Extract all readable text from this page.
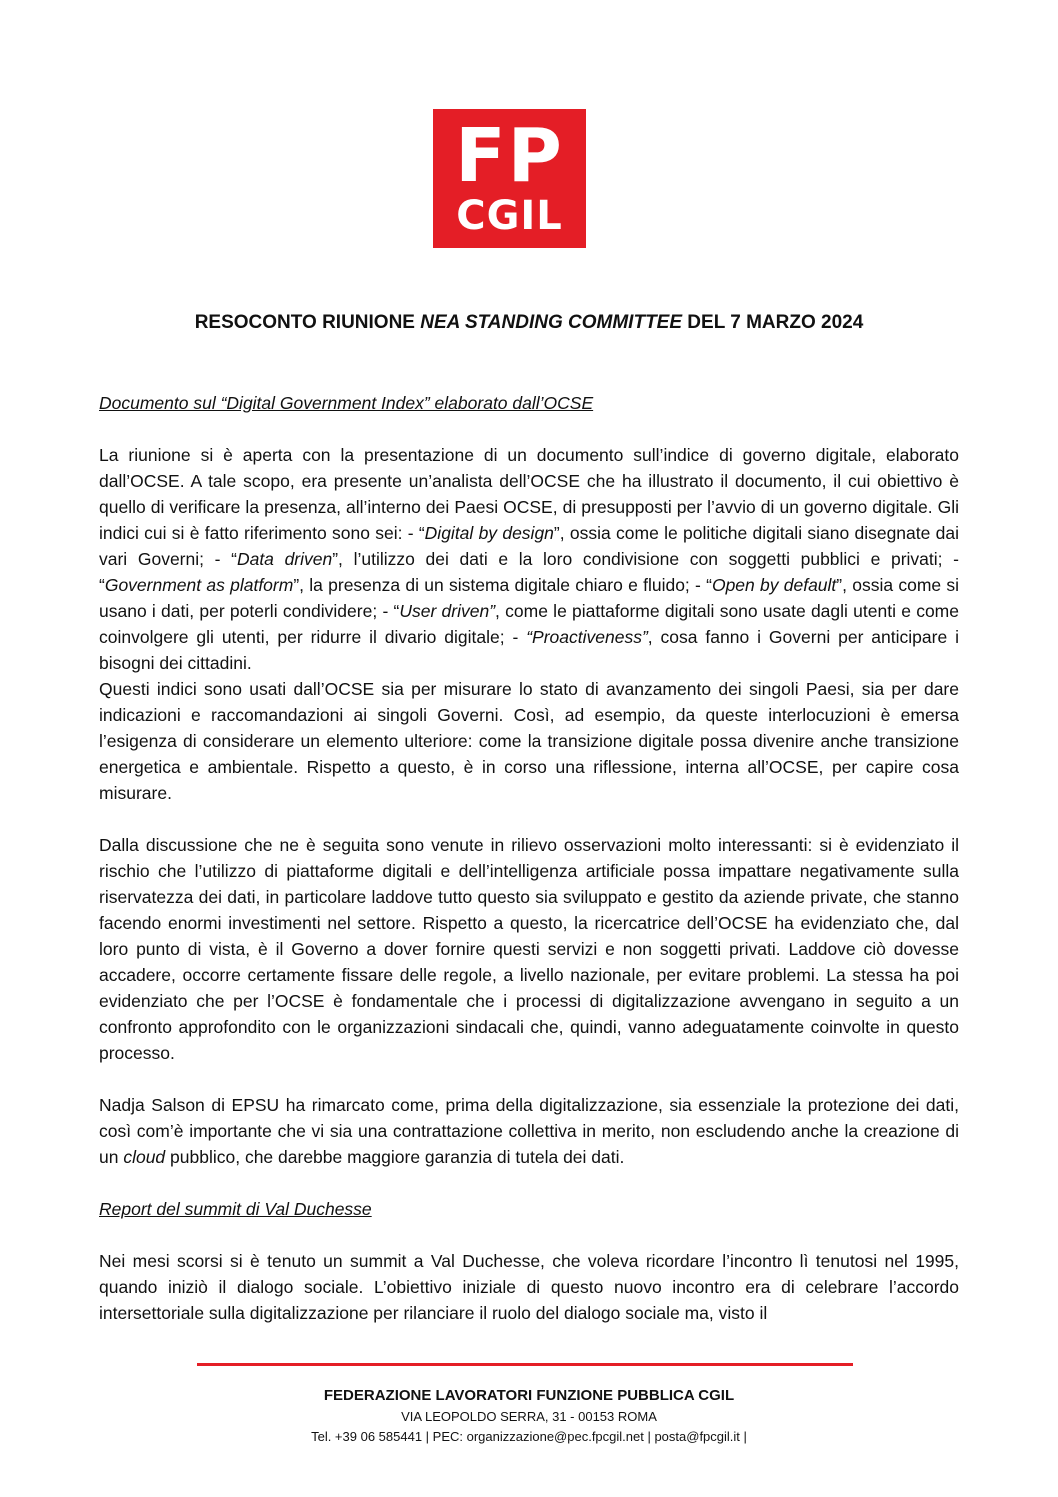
FP
CGIL
RESOCONTO RIUNIONE NEA STANDING COMMITTEE DEL 7 MARZO 2024

Documento sul “Digital Government Index” elaborato dall’OCSE

La riunione si è aperta con la presentazione di un documento sull’indice di governo digitale, elaborato dall’OCSE. A tale scopo, era presente un’analista dell’OCSE che ha illustrato il documento, il cui obiettivo è quello di verificare la presenza, all’interno dei Paesi OCSE, di presupposti per l’avvio di un governo digitale. Gli indici cui si è fatto riferimento sono sei: - “Digital by design”, ossia come le politiche digitali siano disegnate dai vari Governi; - “Data driven”, l’utilizzo dei dati e la loro condivisione con soggetti pubblici e privati; - “Government as platform”, la presenza di un sistema digitale chiaro e fluido; - “Open by default”, ossia come si usano i dati, per poterli condividere; - “User driven”, come le piattaforme digitali sono usate dagli utenti e come coinvolgere gli utenti, per ridurre il divario digitale; - “Proactiveness”, cosa fanno i Governi per anticipare i bisogni dei cittadini.

Questi indici sono usati dall’OCSE sia per misurare lo stato di avanzamento dei singoli Paesi, sia per dare indicazioni e raccomandazioni ai singoli Governi. Così, ad esempio, da queste interlocuzioni è emersa l’esigenza di considerare un elemento ulteriore: come la transizione digitale possa divenire anche transizione energetica e ambientale. Rispetto a questo, è in corso una riflessione, interna all’OCSE, per capire cosa misurare.

Dalla discussione che ne è seguita sono venute in rilievo osservazioni molto interessanti: si è evidenziato il rischio che l’utilizzo di piattaforme digitali e dell’intelligenza artificiale possa impattare negativamente sulla riservatezza dei dati, in particolare laddove tutto questo sia sviluppato e gestito da aziende private, che stanno facendo enormi investimenti nel settore. Rispetto a questo, la ricercatrice dell’OCSE ha evidenziato che, dal loro punto di vista, è il Governo a dover fornire questi servizi e non soggetti privati. Laddove ciò dovesse accadere, occorre certamente fissare delle regole, a livello nazionale, per evitare problemi. La stessa ha poi evidenziato che per l’OCSE è fondamentale che i processi di digitalizzazione avvengano in seguito a un confronto approfondito con le organizzazioni sindacali che, quindi, vanno adeguatamente coinvolte in questo processo.

Nadja Salson di EPSU ha rimarcato come, prima della digitalizzazione, sia essenziale la protezione dei dati, così com’è importante che vi sia una contrattazione collettiva in merito, non escludendo anche la creazione di un cloud pubblico, che darebbe maggiore garanzia di tutela dei dati.

Report del summit di Val Duchesse

Nei mesi scorsi si è tenuto un summit a Val Duchesse, che voleva ricordare l’incontro lì tenutosi nel 1995, quando iniziò il dialogo sociale. L’obiettivo iniziale di questo nuovo incontro era di celebrare l’accordo intersettoriale sulla digitalizzazione per rilanciare il ruolo del dialogo sociale ma, visto il

FEDERAZIONE LAVORATORI FUNZIONE PUBBLICA CGIL
VIA LEOPOLDO SERRA, 31 - 00153 ROMA
Tel. +39 06 585441 | PEC: organizzazione@pec.fpcgil.net | posta@fpcgil.it |
